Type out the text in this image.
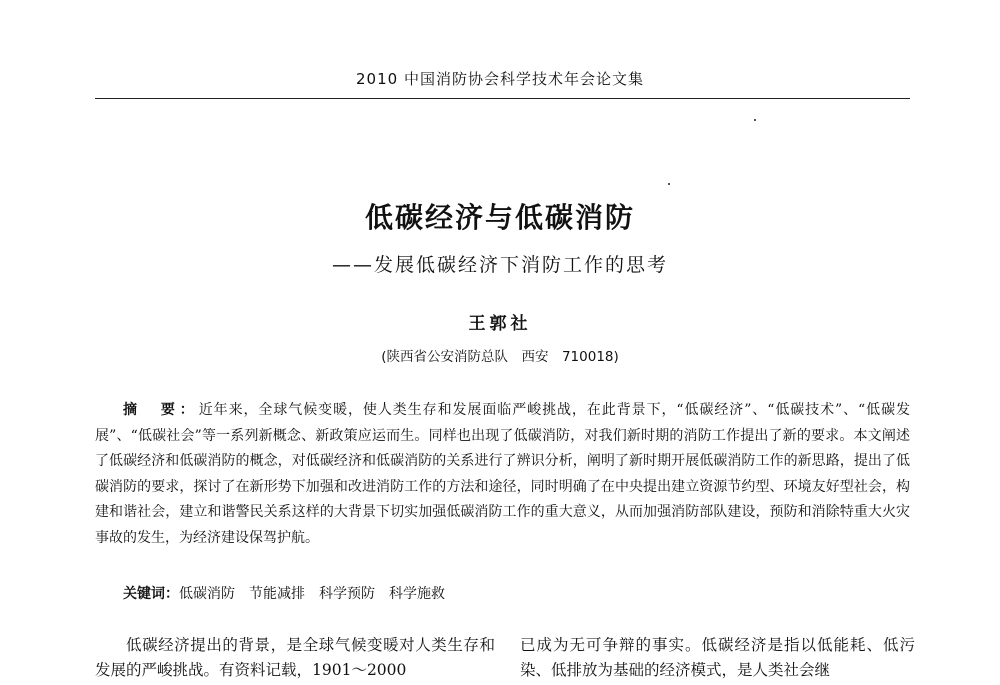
2010 中国消防协会科学技术年会论文集
低碳经济与低碳消防
——发展低碳经济下消防工作的思考
王郭社
(陕西省公安消防总队　西安　710018)
摘　要：近年来，全球气候变暖，使人类生存和发展面临严峻挑战，在此背景下，“低碳经济”、“低碳技术”、“低碳发展”、“低碳社会”等一系列新概念、新政策应运而生。同样也出现了低碳消防，对我们新时期的消防工作提出了新的要求。本文阐述了低碳经济和低碳消防的概念，对低碳经济和低碳消防的关系进行了辨识分析，阐明了新时期开展低碳消防工作的新思路，提出了低碳消防的要求，探讨了在新形势下加强和改进消防工作的方法和途径，同时明确了在中央提出建立资源节约型、环境友好型社会，构建和谐社会，建立和谐警民关系这样的大背景下切实加强低碳消防工作的重大意义，从而加强消防部队建设，预防和消除特重大火灾事故的发生，为经济建设保驾护航。
关键词：低碳消防 节能减排 科学预防 科学施救
低碳经济提出的背景，是全球气候变暖对人类生存和发展的严峻挑战。有资料记载，1901～2000
已成为无可争辩的事实。低碳经济是指以低能耗、低污染、低排放为基础的经济模式，是人类社会继
